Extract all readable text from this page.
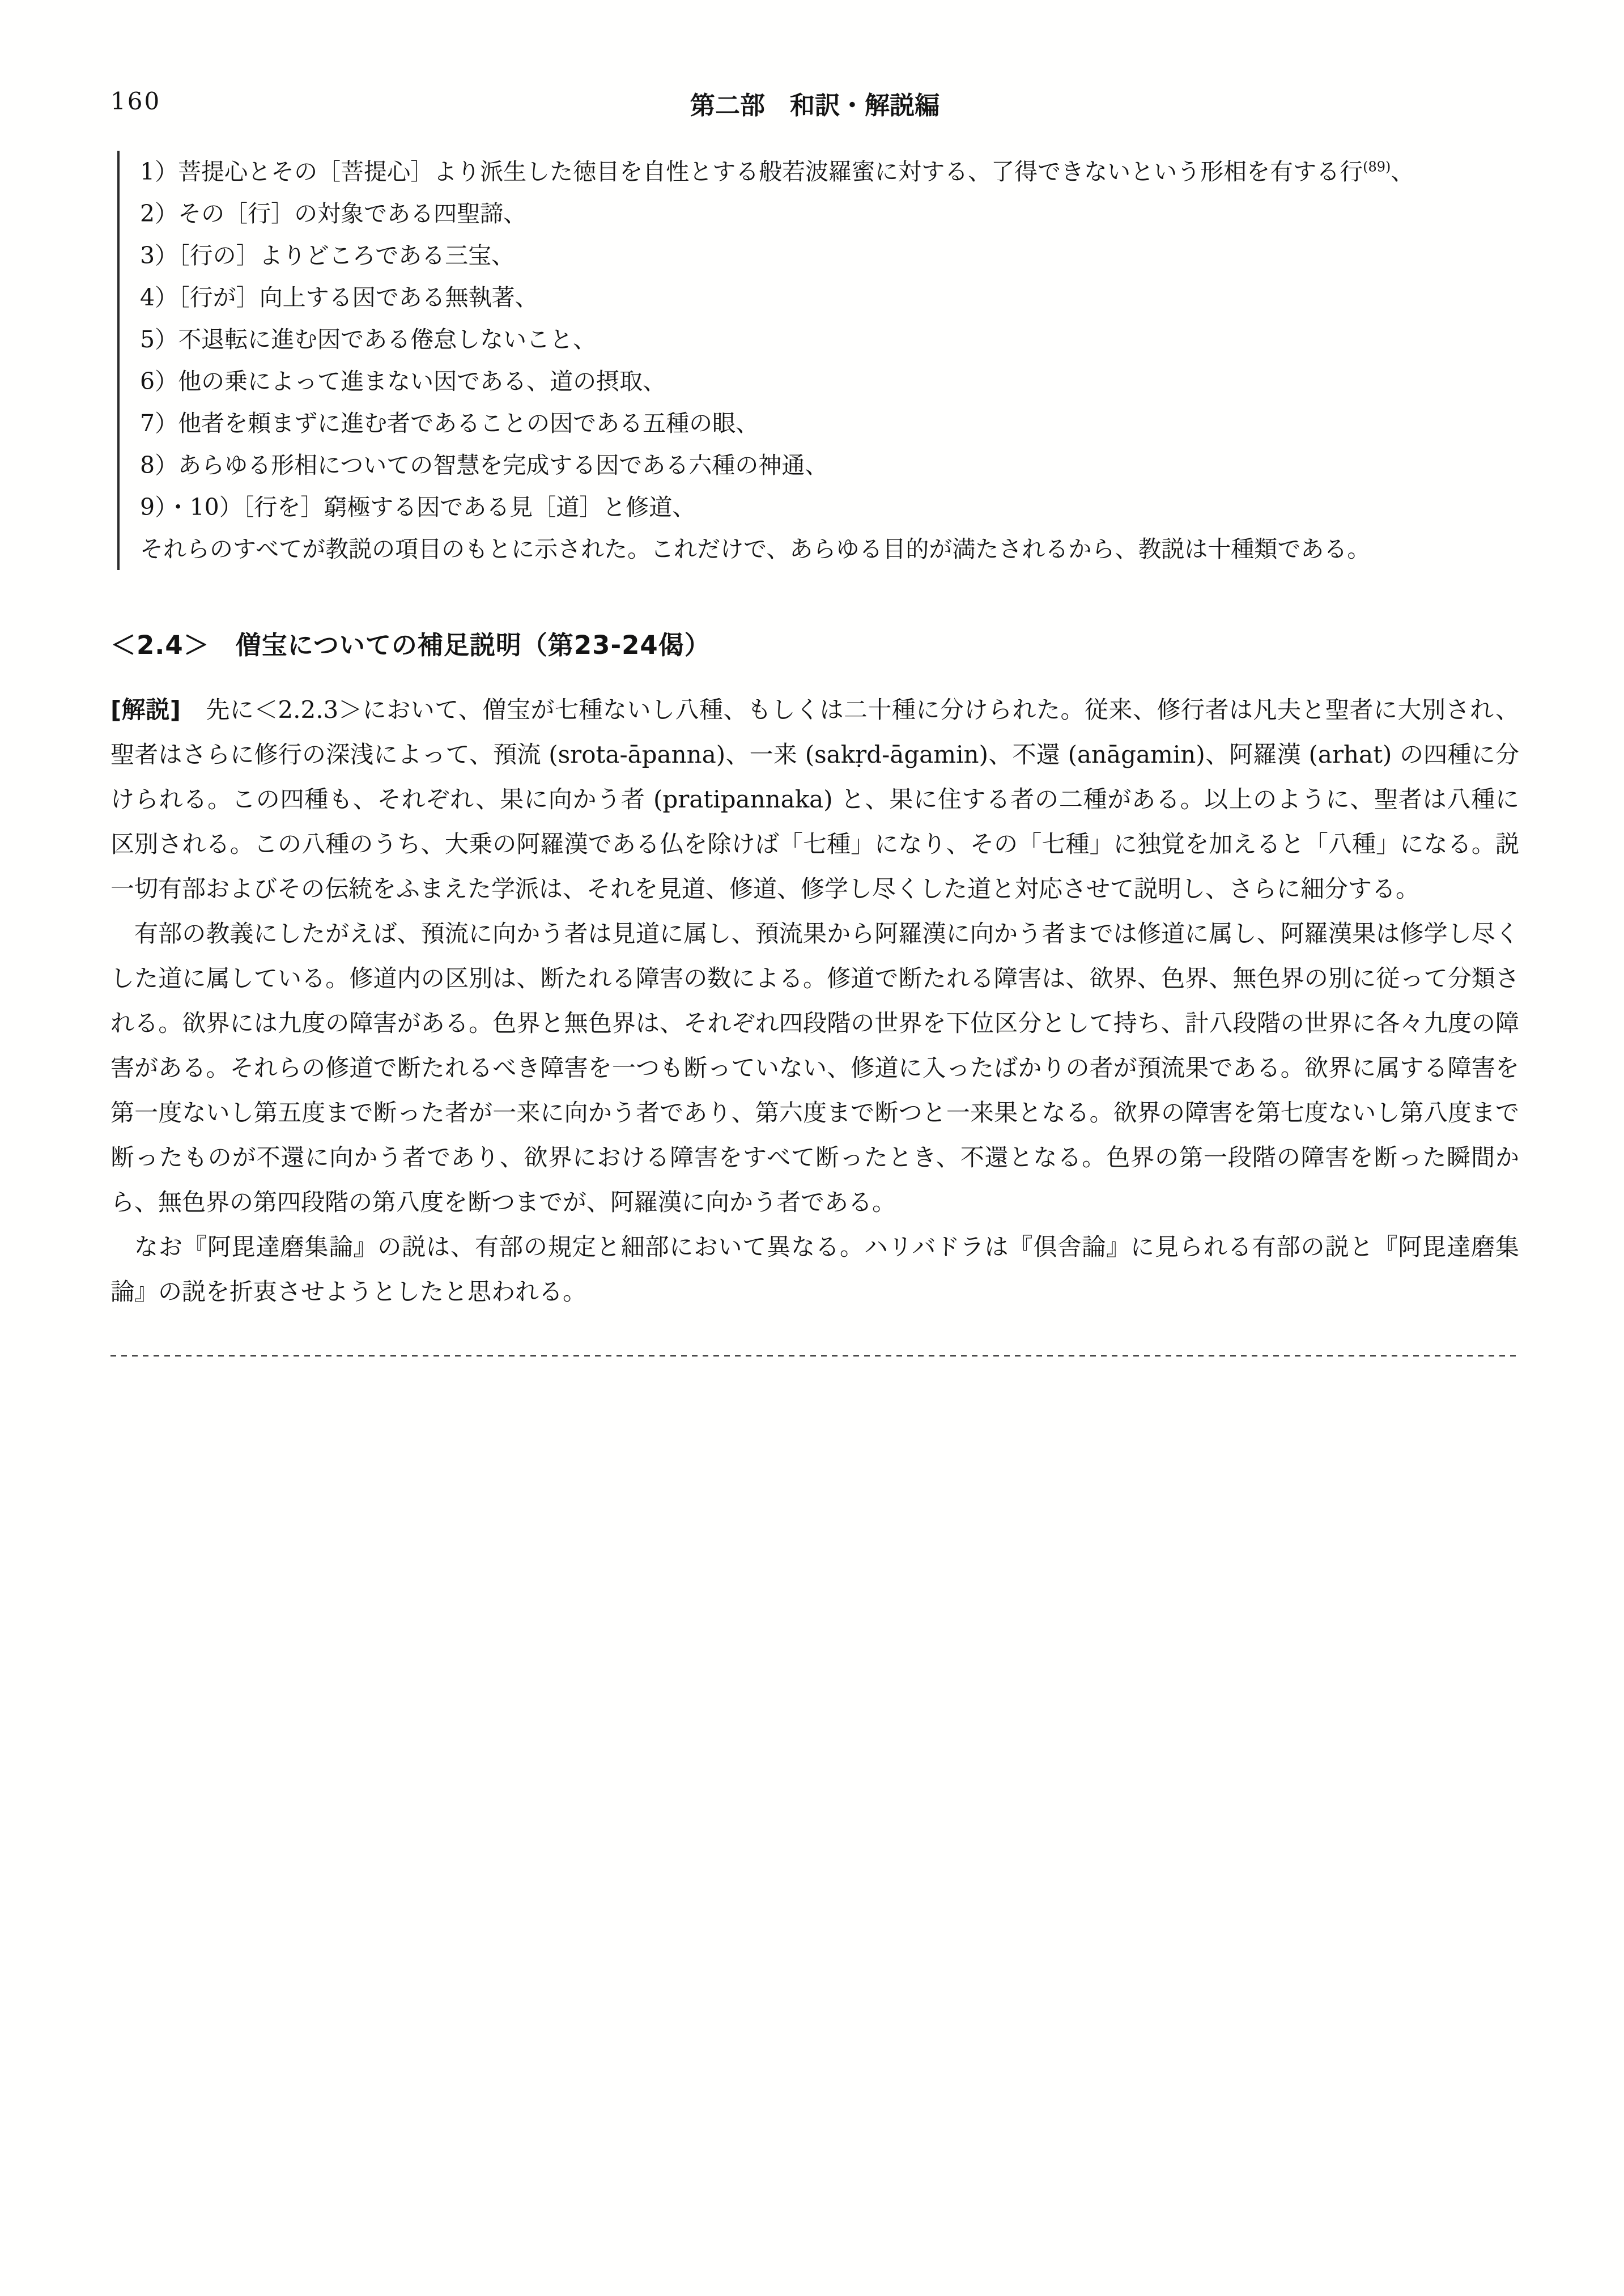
160	第二部　和訳・解説編

1）菩提心とその［菩提心］より派生した徳目を自性とする般若波羅蜜に対する、了得できないという形相を有する行$^{(89)}$、

2）その［行］の対象である四聖諦、

3）［行の］よりどころである三宝、

4）［行が］向上する因である無執著、

5）不退転に進む因である倦怠しないこと、

6）他の乗によって進まない因である、道の摂取、

7）他者を頼まずに進む者であることの因である五種の眼、

8）あらゆる形相についての智慧を完成する因である六種の神通、

9）・10）［行を］窮極する因である見［道］と修道、

それらのすべてが教説の項目のもとに示された。これだけで、あらゆる目的が満たされるから、教説は十種類である。

＜2.4＞　僧宝についての補足説明（第23-24偈）

[解説] 先に＜2.2.3＞において、僧宝が七種ないし八種、もしくは二十種に分けられた。従来、修行者は凡夫と聖者に大別され、聖者はさらに修行の深浅によって、預流 (srota-āpanna)、一来 (sakṛd-āgamin)、不還 (anāgamin)、阿羅漢 (arhat) の四種に分けられる。この四種も、それぞれ、果に向かう者 (pratipannaka) と、果に住する者の二種がある。以上のように、聖者は八種に区別される。この八種のうち、大乗の阿羅漢である仏を除けば「七種」になり、その「七種」に独覚を加えると「八種」になる。説一切有部およびその伝統をふまえた学派は、それを見道、修道、修学し尽くした道と対応させて説明し、さらに細分する。

有部の教義にしたがえば、預流に向かう者は見道に属し、預流果から阿羅漢に向かう者までは修道に属し、阿羅漢果は修学し尽くした道に属している。修道内の区別は、断たれる障害の数による。修道で断たれる障害は、欲界、色界、無色界の別に従って分類される。欲界には九度の障害がある。色界と無色界は、それぞれ四段階の世界を下位区分として持ち、計八段階の世界に各々九度の障害がある。それらの修道で断たれるべき障害を一つも断っていない、修道に入ったばかりの者が預流果である。欲界に属する障害を第一度ないし第五度まで断った者が一来に向かう者であり、第六度まで断つと一来果となる。欲界の障害を第七度ないし第八度まで断ったものが不還に向かう者であり、欲界における障害をすべて断ったとき、不還となる。色界の第一段階の障害を断った瞬間から、無色界の第四段階の第八度を断つまでが、阿羅漢に向かう者である。

なお『阿毘達磨集論』の説は、有部の規定と細部において異なる。ハリバドラは『倶舎論』に見られる有部の説と『阿毘達磨集論』の説を折衷させようとしたと思われる。
